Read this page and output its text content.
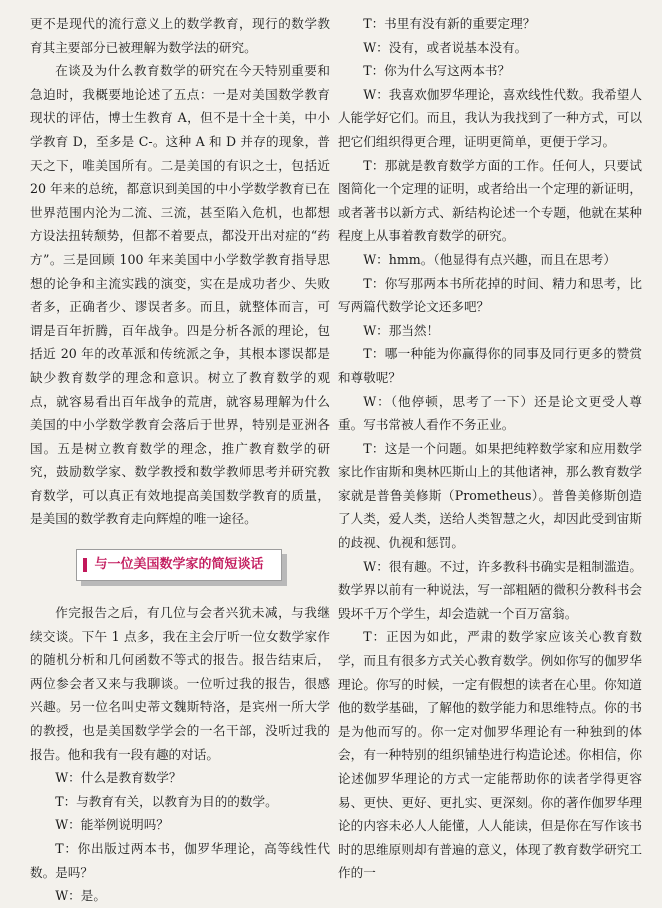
更不是现代的流行意义上的数学教育，现行的数学教育其主要部分已被理解为数学法的研究。

在谈及为什么教育数学的研究在今天特别重要和急迫时，我概要地论述了五点：一是对美国数学教育现状的评估，博士生教育 A，但不是十全十美，中小学教育 D，至多是 C-。这种 A 和 D 并存的现象，普天之下，唯美国所有。二是美国的有识之士，包括近 20 年来的总统，都意识到美国的中小学数学教育已在世界范围内沦为二流、三流，甚至陷入危机，也都想方设法扭转颓势，但都不着要点，都没开出对症的“药方”。三是回顾 100 年来美国中小学数学教育指导思想的论争和主流实践的演变，实在是成功者少、失败者多，正确者少、谬误者多。而且，就整体而言，可谓是百年折腾，百年战争。四是分析各派的理论，包括近 20 年的改革派和传统派之争，其根本谬误都是缺少教育数学的理念和意识。树立了教育数学的观点，就容易看出百年战争的荒唐，就容易理解为什么美国的中小学数学教育会落后于世界，特别是亚洲各国。五是树立教育数学的理念，推广教育数学的研究，鼓励数学家、数学教授和数学教师思考并研究教育数学，可以真正有效地提高美国数学教育的质量，是美国的数学教育走向辉煌的唯一途径。

与一位美国数学家的简短谈话

作完报告之后，有几位与会者兴犹未减，与我继续交谈。下午 1 点多，我在主会厅听一位女数学家作的随机分析和几何函数不等式的报告。报告结束后，两位参会者又来与我聊谈。一位听过我的报告，很感兴趣。另一位名叫史蒂文魏斯特洛，是宾州一所大学的教授，也是美国数学学会的一名干部，没听过我的报告。他和我有一段有趣的对话。

W：什么是教育数学？

T：与教育有关，以教育为目的的数学。

W：能举例说明吗？

T：你出版过两本书，伽罗华理论，高等线性代数。是吗？

W：是。

T：书里有没有新的重要定理？

W：没有，或者说基本没有。

T：你为什么写这两本书？

W：我喜欢伽罗华理论，喜欢线性代数。我希望人人能学好它们。而且，我认为我找到了一种方式，可以把它们组织得更合理，证明更简单，更便于学习。

T：那就是教育数学方面的工作。任何人，只要试图简化一个定理的证明，或者给出一个定理的新证明，或者著书以新方式、新结构论述一个专题，他就在某种程度上从事着教育数学的研究。

W：hmm。（他显得有点兴趣，而且在思考）

T：你写那两本书所花掉的时间、精力和思考，比写两篇代数学论文还多吧？

W：那当然！

T：哪一种能为你赢得你的同事及同行更多的赞赏和尊敬呢？

W：（他停顿，思考了一下）还是论文更受人尊重。写书常被人看作不务正业。

T：这是一个问题。如果把纯粹数学家和应用数学家比作宙斯和奥林匹斯山上的其他诸神，那么教育数学家就是普鲁美修斯（Prometheus）。普鲁美修斯创造了人类，爱人类，送给人类智慧之火，却因此受到宙斯的歧视、仇视和惩罚。

W：很有趣。不过，许多教科书确实是粗制滥造。数学界以前有一种说法，写一部粗陋的微积分教科书会毁坏千万个学生，却会造就一个百万富翁。

T：正因为如此，严肃的数学家应该关心教育数学，而且有很多方式关心教育数学。例如你写的伽罗华理论。你写的时候，一定有假想的读者在心里。你知道他的数学基础，了解他的数学能力和思维特点。你的书是为他而写的。你一定对伽罗华理论有一种独到的体会，有一种特别的组织铺垫进行构造论述。你相信，你论述伽罗华理论的方式一定能帮助你的读者学得更容易、更快、更好、更扎实、更深刻。你的著作伽罗华理论的内容未必人人能懂，人人能读，但是你在写作该书时的思维原则却有普遍的意义，体现了教育数学研究工作的一
